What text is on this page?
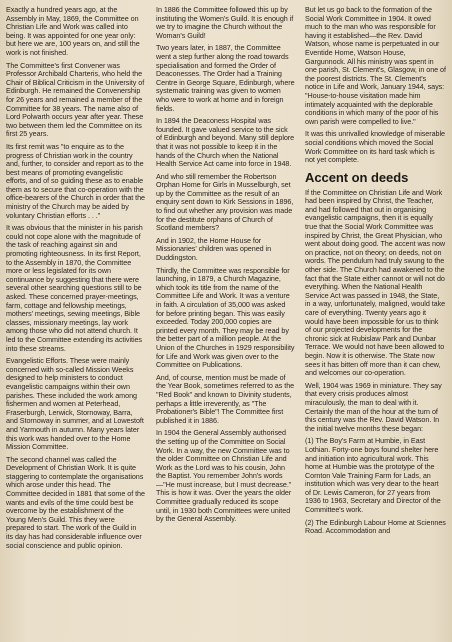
Exactly a hundred years ago, at the Assembly in May, 1869, the Committee on Christian Life and Work was called into being. It was appointed for one year only: but here we are, 100 years on, and still the work is not finished.

The Committee's first Convener was Professor Archibald Charteris, who held the Chair of Biblical Criticism in the University of Edinburgh. He remained the Convenership for 26 years and remained a member of the Committee for 38 years. The name also of Lord Polwarth occurs year after year. These two between them led the Committee on its first 25 years.

Its first remit was "to enquire as to the progress of Christian work in the country and, further, to consider and report as to the best means of promoting evangelistic efforts, and of so guiding these as to enable them as to secure that co-operation with the office-bearers of the Church in order that the ministry of the Church may be aided by voluntary Christian efforts . . ."

It was obvious that the minister in his parish could not cope alone with the magnitude of the task of reaching against sin and promoting righteousness. In its first Report, to the Assembly in 1870, the Committee more or less legislated for its own continuance by suggesting that there were several other searching questions still to be asked. These concerned prayer-meetings, farm, cottage and fellowship meetings, mothers' meetings, sewing meetings, Bible classes, missionary meetings, lay work among those who did not attend church. It led to the Committee extending its activities into these streams.

Evangelistic Efforts. These were mainly concerned with so-called Mission Weeks designed to help ministers to conduct evangelistic campaigns within their own parishes. These included the work among fishermen and women at Peterhead, Fraserburgh, Lerwick, Stornoway, Barra, and Stornoway in summer, and at Lowestoft and Yarmouth in autumn. Many years later this work was handed over to the Home Mission Committee.

The second channel was called the Development of Christian Work. It is quite staggering to contemplate the organisations which arose under this head. The Committee decided in 1881 that some of the wants and evils of the time could best be overcome by the establishment of the Young Men's Guild. This they were prepared to start. The work of the Guild in its day has had considerable influence over social conscience and public opinion.

In 1886 the Committee followed this up by instituting the Women's Guild. It is enough if we try to imagine the Church without the Woman's Guild!

Two years later, in 1887, the Committee went a step further along the road towards specialisation and formed the Order of Deaconesses. The Order had a Training Centre in George Square, Edinburgh, where systematic training was given to women who were to work at home and in foreign fields.

In 1894 the Deaconess Hospital was founded. It gave valued service to the sick of Edinburgh and beyond. Many still deplore that it was not possible to keep it in the hands of the Church when the National Health Service Act came into force in 1948.

And who still remember the Robertson Orphan Home for Girls in Musselburgh, set up by the Committee as the result of an enquiry sent down to Kirk Sessions in 1896, to find out whether any provision was made for the destitute orphans of Church of Scotland members?

And in 1902, the Home House for Missionaries' children was opened in Duddingston.

Thirdly, the Committee was responsible for launching, in 1879, a Church Magazine, which took its title from the name of the Committee Life and Work. It was a venture in faith. A circulation of 35,000 was asked for before printing began. This was easily exceeded. Today 200,000 copies are printed every month. They may be read by the better part of a million people. At the Union of the Churches in 1929 responsibility for Life and Work was given over to the Committee on Publications.

And, of course, mention must be made of the Year Book, sometimes referred to as the "Red Book" and known to Divinity students, perhaps a little irreverently, as "The Probationer's Bible"! The Committee first published it in 1886.

In 1904 the General Assembly authorised the setting up of the Committee on Social Work. In a way, the new Committee was to the older Committee on Christian Life and Work as the Lord was to his cousin, John the Baptist. You remember John's words—"He must increase, but I must decrease." This is how it was. Over the years the older Committee gradually reduced its scope until, in 1930 both Committees were united by the General Assembly.

But let us go back to the formation of the Social Work Committee in 1904. It owed much to the man who was responsible for having it established—the Rev. David Watson, whose name is perpetuated in our Eventide Home, Watson House, Gargunnock. All his ministry was spent in one parish, St. Clement's, Glasgow, in one of the poorest districts. The St. Clement's notice in Life and Work, January 1944, says: "House-to-house visitation made him intimately acquainted with the deplorable conditions in which many of the poor of his own parish were compelled to live."

It was this unrivalled knowledge of miserable social conditions which moved the Social Work Committee on its hard task which is not yet complete.

Accent on deeds

If the Committee on Christian Life and Work had been inspired by Christ, the Teacher, and had followed that out in organising evangelistic campaigns, then it is equally true that the Social Work Committee was inspired by Christ, the Great Physician, who went about doing good. The accent was now on practice, not on theory; on deeds, not on words. The pendulum had truly swung to the other side. The Church had awakened to the fact that the State either cannot or will not do everything. When the National Health Service Act was passed in 1948, the State, in a way, unfortunately, maligned, would take care of everything. Twenty years ago it would have been impossible for us to think of our projected developments for the chronic sick at Rubislaw Park and Dunbar Terrace. We would not have been allowed to begin. Now it is otherwise. The State now sees it has bitten off more than it can chew, and welcomes our co-operation.

Well, 1904 was 1969 in miniature. They say that every crisis produces almost miraculously, the man to deal with it. Certainly the man of the hour at the turn of this century was the Rev. David Watson. In the initial twelve months these began:

(1) The Boy's Farm at Humbie, in East Lothian. Forty-one boys found shelter here and initiation into agricultural work. This home at Humbie was the prototype of the Cornton Vale Training Farm for Lads, an institution which was very dear to the heart of Dr. Lewis Cameron, for 27 years from 1936 to 1963, Secretary and Director of the Committee's work.

(2) The Edinburgh Labour Home at Sciennes Road. Accommodation and
